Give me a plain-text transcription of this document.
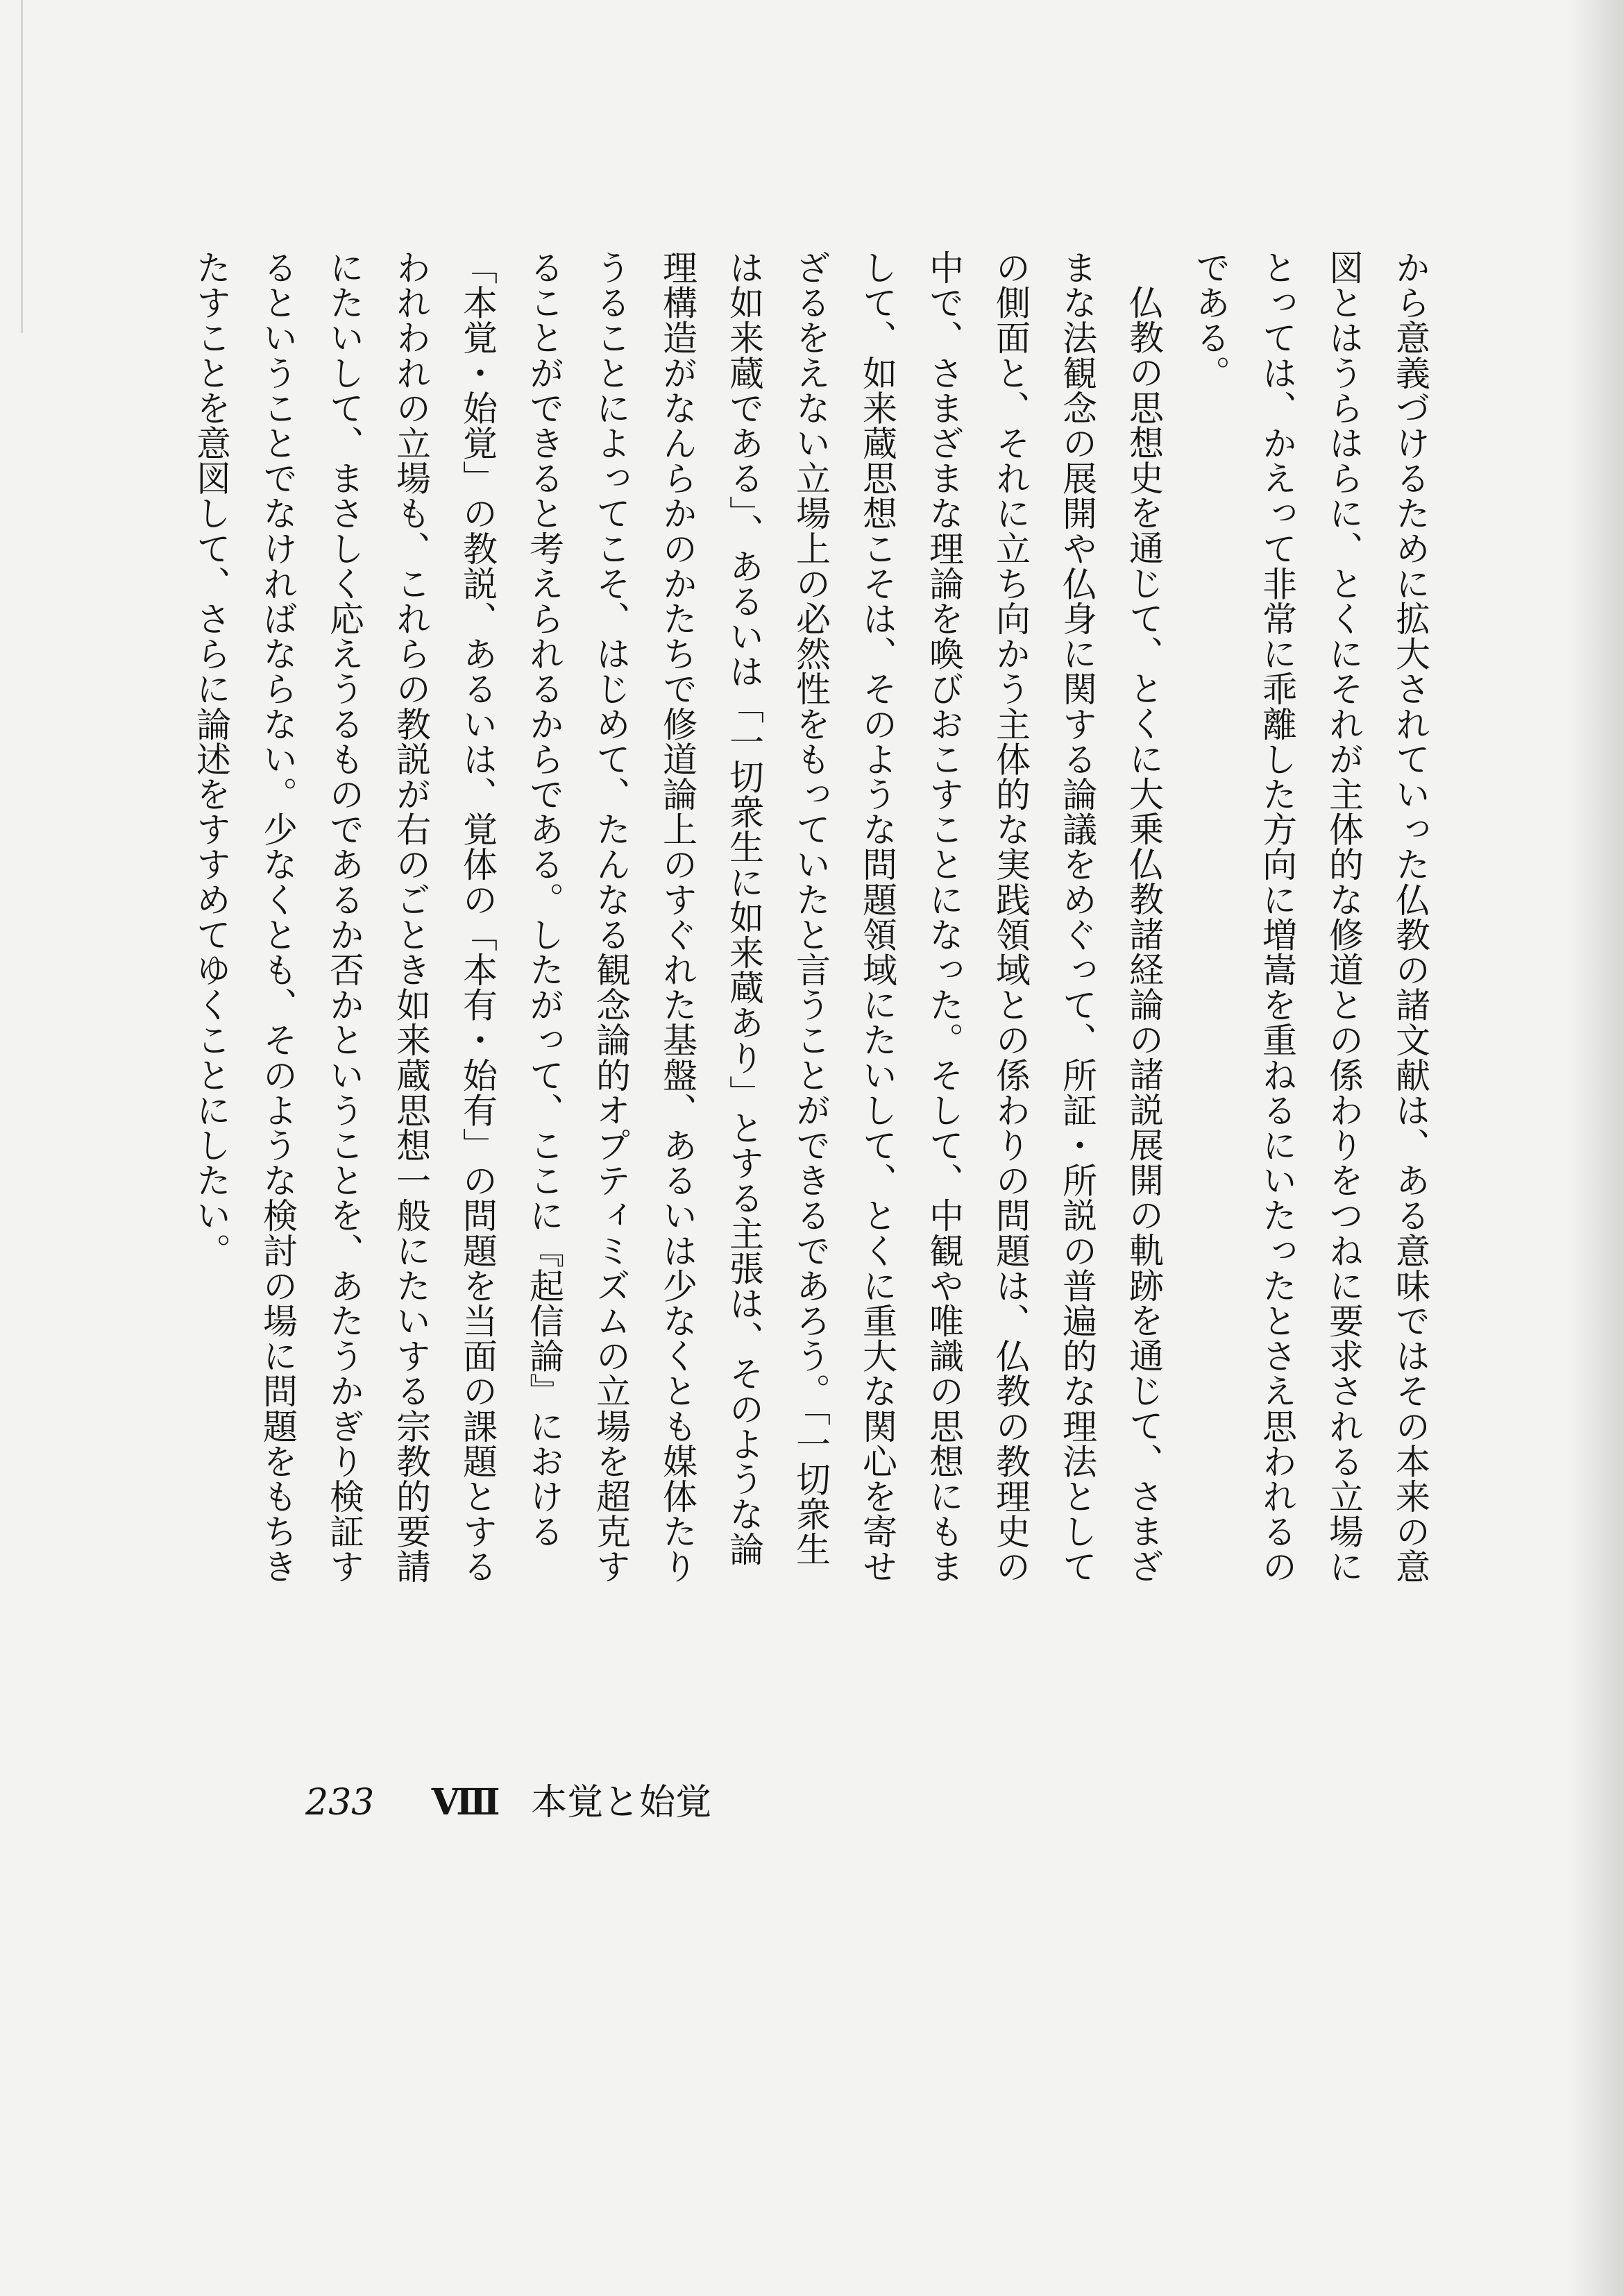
から意義づけるために拡大されていった仏教の諸文献は、ある意味ではその本来の意図とはうらはらに、とくにそれが主体的な修道との係わりをつねに要求される立場にとっては、かえって非常に乖離した方向に増嵩を重ねるにいたったとさえ思われるのである。

仏教の思想史を通じて、とくに大乗仏教諸経論の諸説展開の軌跡を通じて、さまざまな法観念の展開や仏身に関する論議をめぐって、所証・所説の普遍的な理法としての側面と、それに立ち向かう主体的な実践領域との係わりの問題は、仏教の教理史の中で、さまざまな理論を喚びおこすことになった。そして、中観や唯識の思想にもまして、如来蔵思想こそは、そのような問題領域にたいして、とくに重大な関心を寄せざるをえない立場上の必然性をもっていたと言うことができるであろう。「一切衆生は如来蔵である」、あるいは「一切衆生に如来蔵あり」とする主張は、そのような論理構造がなんらかのかたちで修道論上のすぐれた基盤、あるいは少なくとも媒体たりうることによってこそ、はじめて、たんなる観念論的オプティミズムの立場を超克することができると考えられるからである。したがって、ここに『起信論』における「本覚・始覚」の教説、あるいは、覚体の「本有・始有」の問題を当面の課題とするわれわれの立場も、これらの教説が右のごとき如来蔵思想一般にたいする宗教的要請にたいして、まさしく応えうるものであるか否かということを、あたうかぎり検証するということでなければならない。少なくとも、そのような検討の場に問題をもちきたすことを意図して、さらに論述をすすめてゆくことにしたい。

233 Ⅷ 本覚と始覚
